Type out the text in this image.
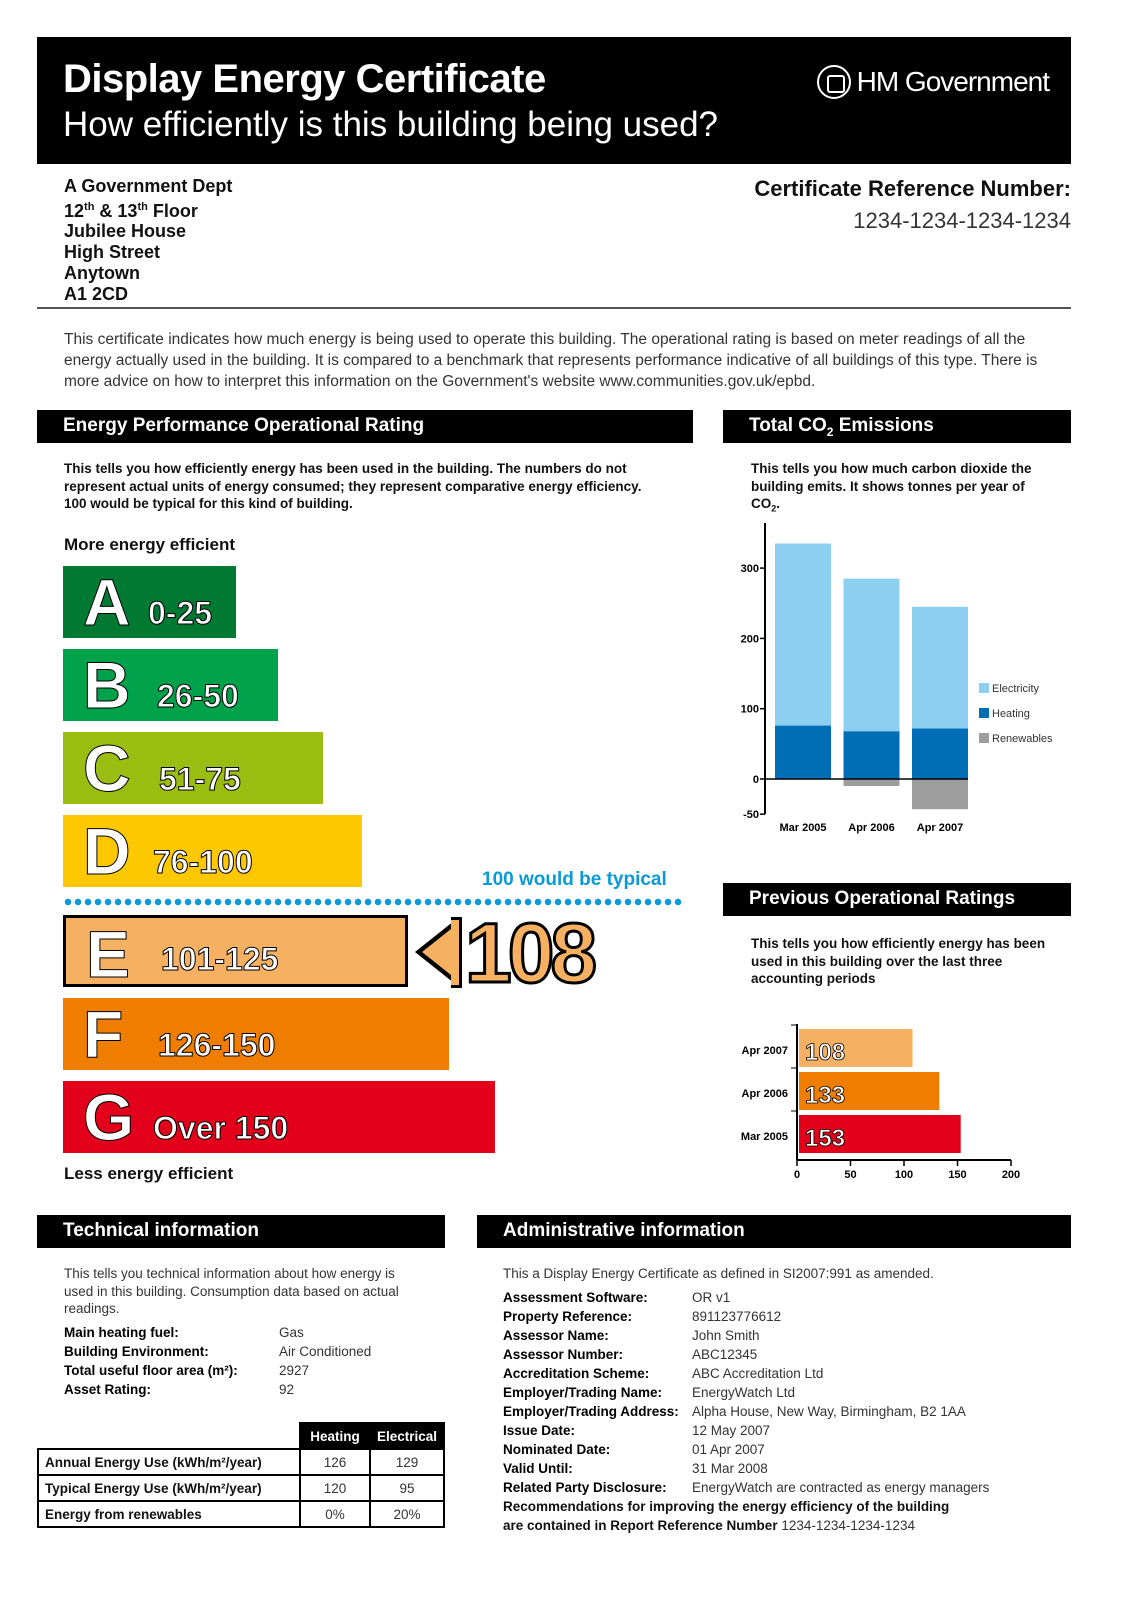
Display Energy Certificate
How efficiently is this building being used?
HM Government
A Government Dept
12th & 13th Floor
Jubilee House
High Street
Anytown
A1 2CD
Certificate Reference Number:
1234-1234-1234-1234
This certificate indicates how much energy is being used to operate this building. The operational rating is based on meter readings of all the energy actually used in the building. It is compared to a benchmark that represents performance indicative of all buildings of this type. There is more advice on how to interpret this information on the Government's website www.communities.gov.uk/epbd.
Energy Performance Operational Rating
This tells you how efficiently energy has been used in the building. The numbers do not represent actual units of energy consumed; they represent comparative energy efficiency. 100 would be typical for this kind of building.
More energy efficient
A 0-25
B 26-50
C 51-75
D 76-100
E 101-125
F 126-150
G Over 150
100 would be typical
108
Less energy efficient
Total $CO_2$ Emissions
This tells you how much carbon dioxide the building emits. It shows tonnes per year of $CO_2$.
-50
0
100
200
300
Mar 2005 Apr 2006 Apr 2007
Electricity
Heating
Renewables
0	50	100	150	200
108
Apr 2007
133
Apr 2006
153
Mar 2005
Previous Operational Ratings
This tells you how efficiently energy has been used in this building over the last three accounting periods
Technical information
This tells you technical information about how energy is used in this building. Consumption data based on actual readings.
Main heating fuel:	Gas
Building Environment:	Air Conditioned
Total useful floor area (m²):	2927
Asset Rating:	92
	Heating	Electrical
Annual Energy Use (kWh/m²/year)	126	129
Typical Energy Use (kWh/m²/year)	120	95
Energy from renewables	0%	20%
Administrative information
This a Display Energy Certificate as defined in SI2007:991 as amended.
Assessment Software:	OR v1
Property Reference:	891123776612
Assessor Name:	John Smith
Assessor Number:	ABC12345
Accreditation Scheme:	ABC Accreditation Ltd
Employer/Trading Name: EnergyWatch Ltd
Employer/Trading Address: Alpha House, New Way, Birmingham, B2 1AA
Issue Date:	12 May 2007
Nominated Date:	01 Apr 2007
Valid Until:	31 Mar 2008
Related Party Disclosure: EnergyWatch are contracted as energy managers
Recommendations for improving the energy efficiency of the building
are contained in Report Reference Number 1234-1234-1234-1234
